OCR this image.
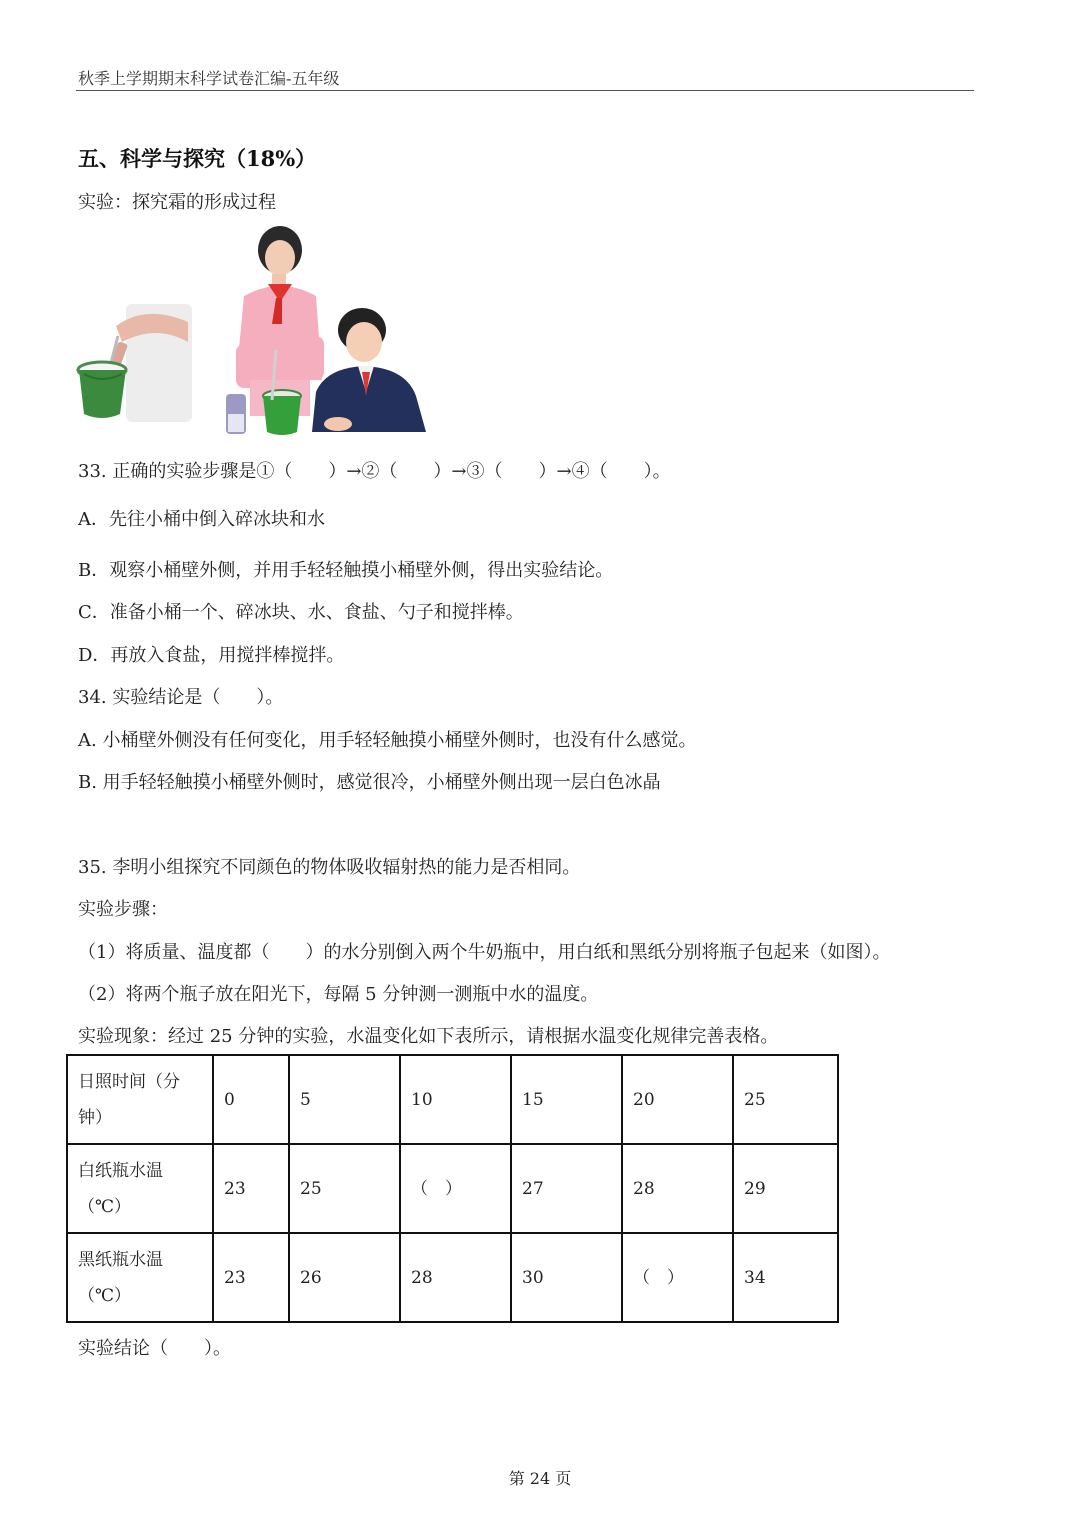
秋季上学期期末科学试卷汇编-五年级
五、科学与探究（18%）
实验：探究霜的形成过程
33. 正确的实验步骤是①（　　）→②（　　）→③（　　）→④（　　）。
A．先往小桶中倒入碎冰块和水
B．观察小桶壁外侧，并用手轻轻触摸小桶壁外侧，得出实验结论。
C．准备小桶一个、碎冰块、水、食盐、勺子和搅拌棒。
D．再放入食盐，用搅拌棒搅拌。
34. 实验结论是（　　）。
A. 小桶壁外侧没有任何变化，用手轻轻触摸小桶壁外侧时，也没有什么感觉。
B. 用手轻轻触摸小桶壁外侧时，感觉很冷，小桶壁外侧出现一层白色冰晶
35. 李明小组探究不同颜色的物体吸收辐射热的能力是否相同。
实验步骤：
（1）将质量、温度都（　　）的水分别倒入两个牛奶瓶中，用白纸和黑纸分别将瓶子包起来（如图）。
（2）将两个瓶子放在阳光下，每隔 5 分钟测一测瓶中水的温度。
实验现象：经过 25 分钟的实验，水温变化如下表所示，请根据水温变化规律完善表格。
日照时间（分
钟）	0	5	10	15	20	25

白纸瓶水温
（℃）	23	25	（　）	27	28	29

黑纸瓶水温
（℃）	23	26	28	30	（　）	34
实验结论（　　）。
第 24 页
